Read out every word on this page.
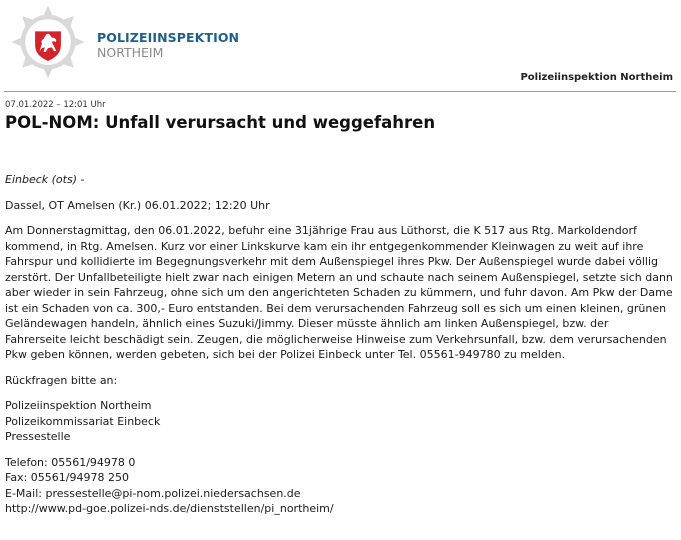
POLIZEIINSPEKTION
NORTHEIM
Polizeiinspektion Northeim
07.01.2022 – 12:01 Uhr
POL-NOM: Unfall verursacht und weggefahren

Einbeck (ots) -

Dassel, OT Amelsen (Kr.) 06.01.2022; 12:20 Uhr

Am Donnerstagmittag, den 06.01.2022, befuhr eine 31jährige Frau aus Lüthorst, die K 517 aus Rtg. Markoldendorf kommend, in Rtg. Amelsen. Kurz vor einer Linkskurve kam ein ihr entgegenkommender Kleinwagen zu weit auf ihre Fahrspur und kollidierte im Begegnungsverkehr mit dem Außenspiegel ihres Pkw. Der Außenspiegel wurde dabei völlig zerstört. Der Unfallbeteiligte hielt zwar nach einigen Metern an und schaute nach seinem Außenspiegel, setzte sich dann aber wieder in sein Fahrzeug, ohne sich um den angerichteten Schaden zu kümmern, und fuhr davon. Am Pkw der Dame ist ein Schaden von ca. 300,- Euro entstanden. Bei dem verursachenden Fahrzeug soll es sich um einen kleinen, grünen Geländewagen handeln, ähnlich eines Suzuki/Jimmy. Dieser müsste ähnlich am linken Außenspiegel, bzw. der Fahrerseite leicht beschädigt sein. Zeugen, die möglicherweise Hinweise zum Verkehrsunfall, bzw. dem verursachenden Pkw geben können, werden gebeten, sich bei der Polizei Einbeck unter Tel. 05561-949780 zu melden.

Rückfragen bitte an:

Polizeiinspektion Northeim

Polizeikommissariat Einbeck

Pressestelle

Telefon: 05561/94978 0

Fax: 05561/94978 250

E-Mail: pressestelle@pi-nom.polizei.niedersachsen.de

http://www.pd-goe.polizei-nds.de/dienststellen/pi_northeim/
